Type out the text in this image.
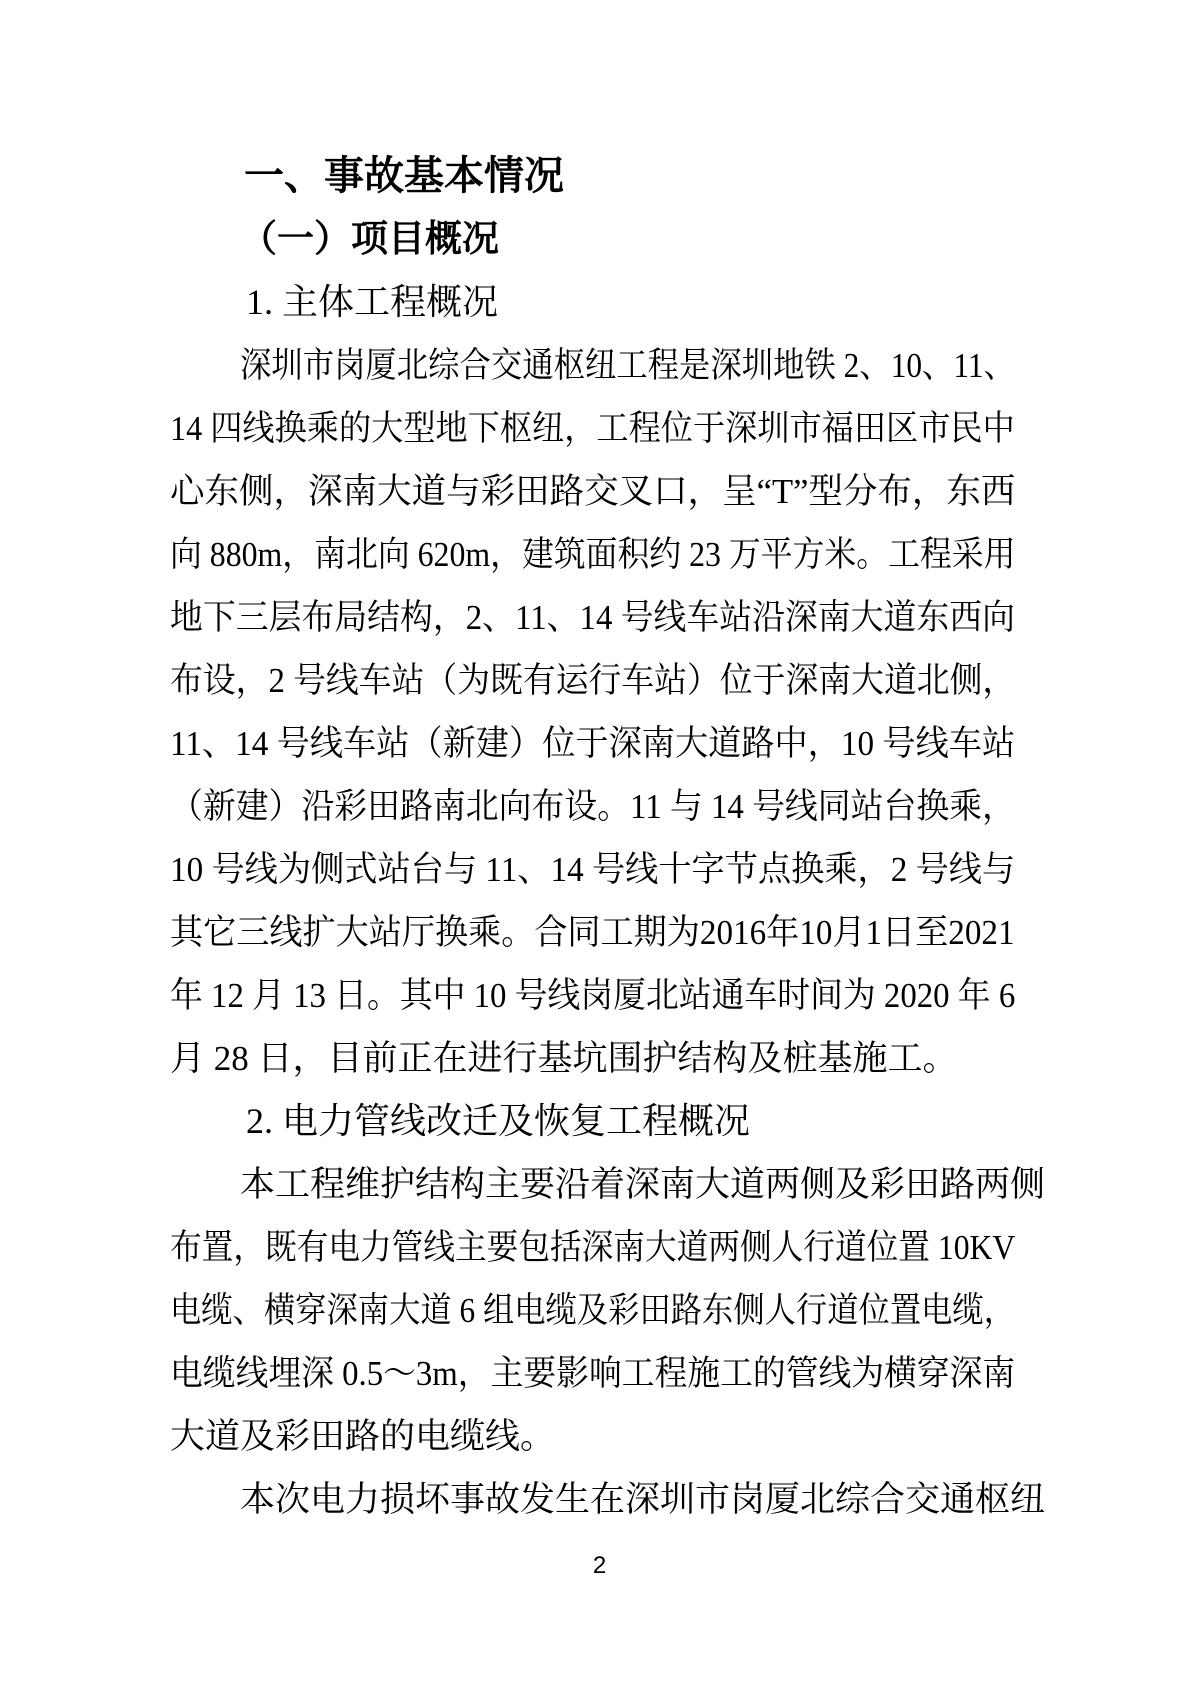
一、事故基本情况
（一）项目概况
1. 主体工程概况
深圳市岗厦北综合交通枢纽工程是深圳地铁 2、10、11、
14 四线换乘的大型地下枢纽，工程位于深圳市福田区市民中
心东侧，深南大道与彩田路交叉口，呈“T”型分布，东西
向 880m，南北向 620m，建筑面积约 23 万平方米。工程采用
地下三层布局结构，2、11、14 号线车站沿深南大道东西向
布设，2 号线车站（为既有运行车站）位于深南大道北侧，
11、14 号线车站（新建）位于深南大道路中，10 号线车站
（新建）沿彩田路南北向布设。11 与 14 号线同站台换乘，
10 号线为侧式站台与 11、14 号线十字节点换乘，2 号线与
其它三线扩大站厅换乘。合同工期为2016年10月1日至2021
年 12 月 13 日。其中 10 号线岗厦北站通车时间为 2020 年 6
月 28 日，目前正在进行基坑围护结构及桩基施工。
2. 电力管线改迁及恢复工程概况
本工程维护结构主要沿着深南大道两侧及彩田路两侧
布置，既有电力管线主要包括深南大道两侧人行道位置 10KV
电缆、横穿深南大道 6 组电缆及彩田路东侧人行道位置电缆，
电缆线埋深 0.5～3m，主要影响工程施工的管线为横穿深南
大道及彩田路的电缆线。
本次电力损坏事故发生在深圳市岗厦北综合交通枢纽
2
